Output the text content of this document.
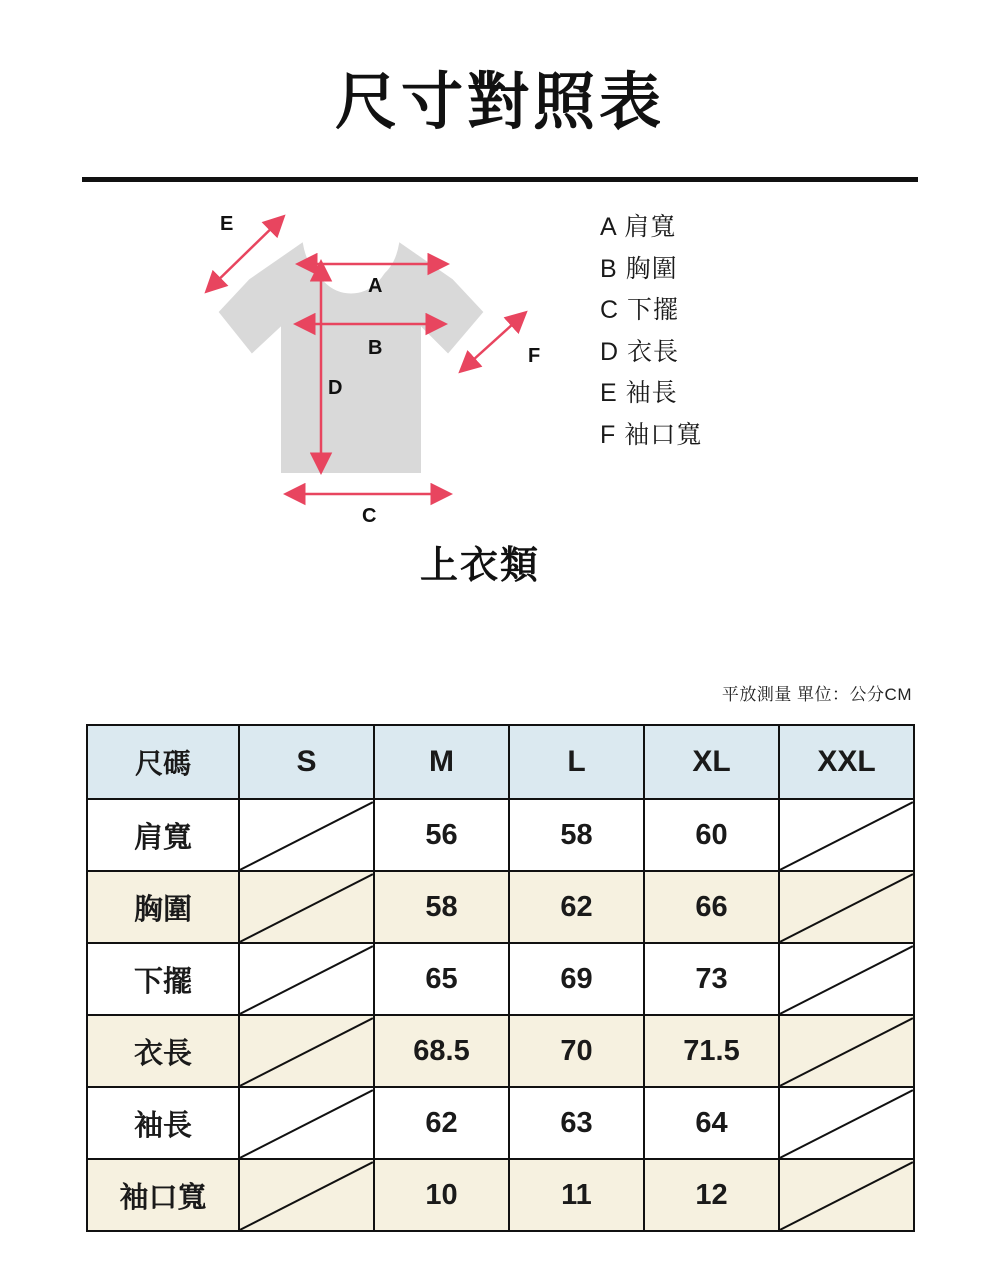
尺寸對照表
A
B
D
C
E
F
A 肩寬
B 胸圍
C 下擺
D 衣長
E 袖長
F 袖口寬
上衣類
平放測量 單位：公分CM
尺碼	S	M	L	XL	XXL
肩寬		56	58	60	
胸圍		58	62	66	
下擺		65	69	73	
衣長		68.5	70	71.5	
袖長		62	63	64	
袖口寬		10	11	12	
